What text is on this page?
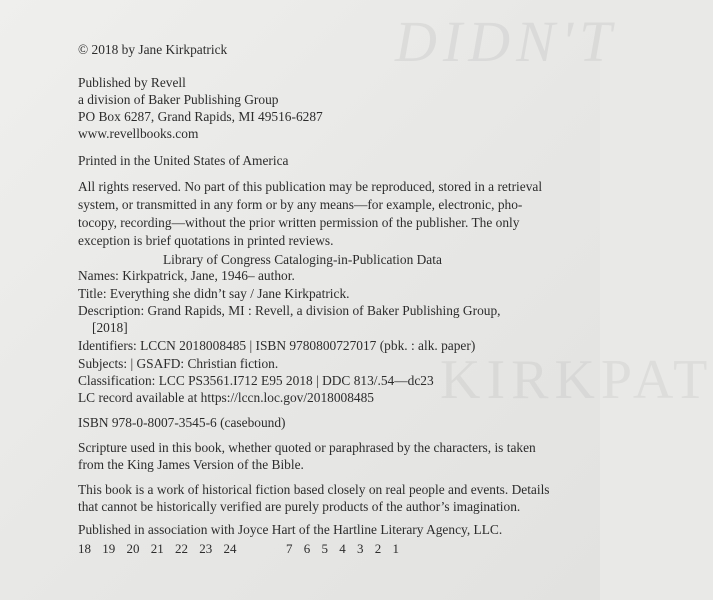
DIDN'T
KIRKPAT
© 2018 by Jane Kirkpatrick
Published by Revell
a division of Baker Publishing Group
PO Box 6287, Grand Rapids, MI 49516-6287
www.revellbooks.com
Printed in the United States of America
All rights reserved. No part of this publication may be reproduced, stored in a retrieval
system, or transmitted in any form or by any means—for example, electronic, pho-
tocopy, recording—without the prior written permission of the publisher. The only
exception is brief quotations in printed reviews.
Library of Congress Cataloging-in-Publication Data
Names: Kirkpatrick, Jane, 1946– author.
Title: Everything she didn’t say / Jane Kirkpatrick.
Description: Grand Rapids, MI : Revell, a division of Baker Publishing Group,
[2018]
Identifiers: LCCN 2018008485 | ISBN 9780800727017 (pbk. : alk. paper)
Subjects: | GSAFD: Christian fiction.
Classification: LCC PS3561.I712 E95 2018 | DDC 813/.54—dc23
LC record available at https://lccn.loc.gov/2018008485
ISBN 978-0-8007-3545-6 (casebound)
Scripture used in this book, whether quoted or paraphrased by the characters, is taken
from the King James Version of the Bible.
This book is a work of historical fiction based closely on real people and events. Details
that cannot be historically verified are purely products of the author’s imagination.
Published in association with Joyce Hart of the Hartline Literary Agency, LLC.
18 19 20 21 22 23 24	7 6 5 4 3 2 1
